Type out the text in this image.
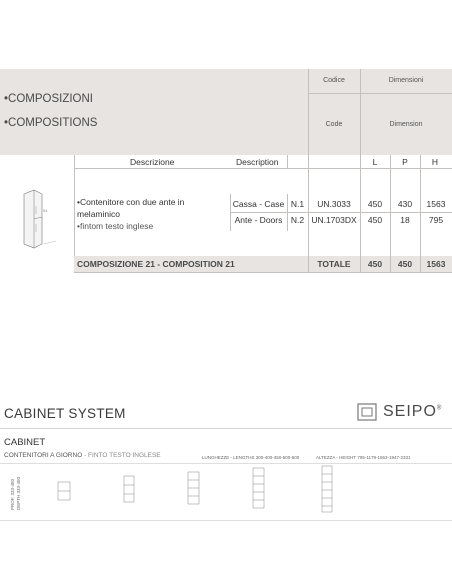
•COMPOSIZIONI
•COMPOSITIONS
Codice	Dimensioni
Code	Dimension
Descrizione	Description	L	P	H
54
•Contenitore con due ante in
melaminico
•fintom testo inglese
Cassa - Case N.1	UN.3033	450	430	1563
Ante - Doors	N.2 UN.1703DX	450	18	795
COMPOSIZIONE 21 - COMPOSITION 21	TOTALE	450	450	1563
CABINET SYSTEM	SEIPO®
CABINET
CONTENITORI A GIORNO - FINTO TESTO INGLESE	LUNGHEZZE - LENGTHS 300-400-450-500-600	ALTEZZA - HEIGHT 795-1179-1563-1947-2331
PROF. 333-450 DEPTH 333-450
